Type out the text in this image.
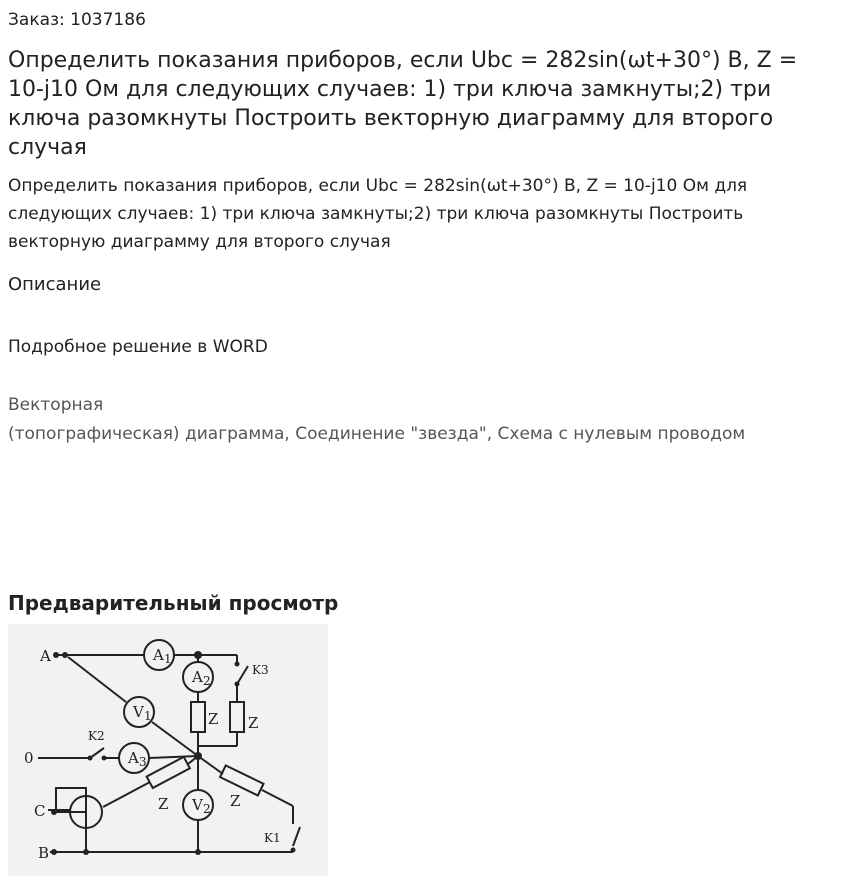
Заказ: 1037186
Определить показания приборов, если Ubc = 282sin(ωt+30°) B, Z = 10-j10 Ом для следующих случаев: 1) три ключа замкнуты;2) три ключа разомкнуты Построить векторную диаграмму для второго случая

Определить показания приборов, если Ubc = 282sin(ωt+30°) B, Z = 10-j10 Ом для следующих случаев: 1) три ключа замкнуты;2) три ключа разомкнуты Построить векторную диаграмму для второго случая

Описание
Подробное решение в WORD
Векторная
(топографическая) диаграмма, Соединение "звезда", Схема с нулевым проводом
Предварительный просмотр
A
0
C
B
A 1
A 2
A 3
V 1
V 2
K2
K3
K1
Z Z
Z	Z
